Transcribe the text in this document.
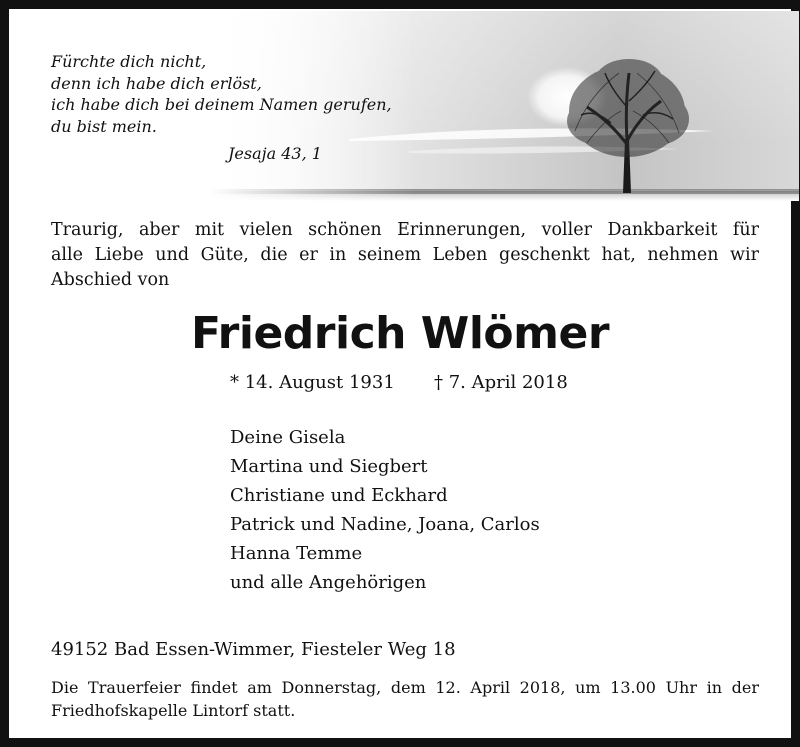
Fürchte dich nicht,
denn ich habe dich erlöst,
ich habe dich bei deinem Namen gerufen,
du bist mein.
Jesaja 43, 1
Traurig, aber mit vielen schönen Erinnerungen, voller Dankbarkeit für
alle Liebe und Güte, die er in seinem Leben geschenkt hat, nehmen wir
Abschied von
Friedrich Wlömer
* 14. August 1931 † 7. April 2018
Deine Gisela
Martina und Siegbert
Christiane und Eckhard
Patrick und Nadine, Joana, Carlos
Hanna Temme
und alle Angehörigen
49152 Bad Essen-Wimmer, Fiesteler Weg 18
Die Trauerfeier findet am Donnerstag, dem 12. April 2018, um 13.00 Uhr in der
Friedhofskapelle Lintorf statt.
